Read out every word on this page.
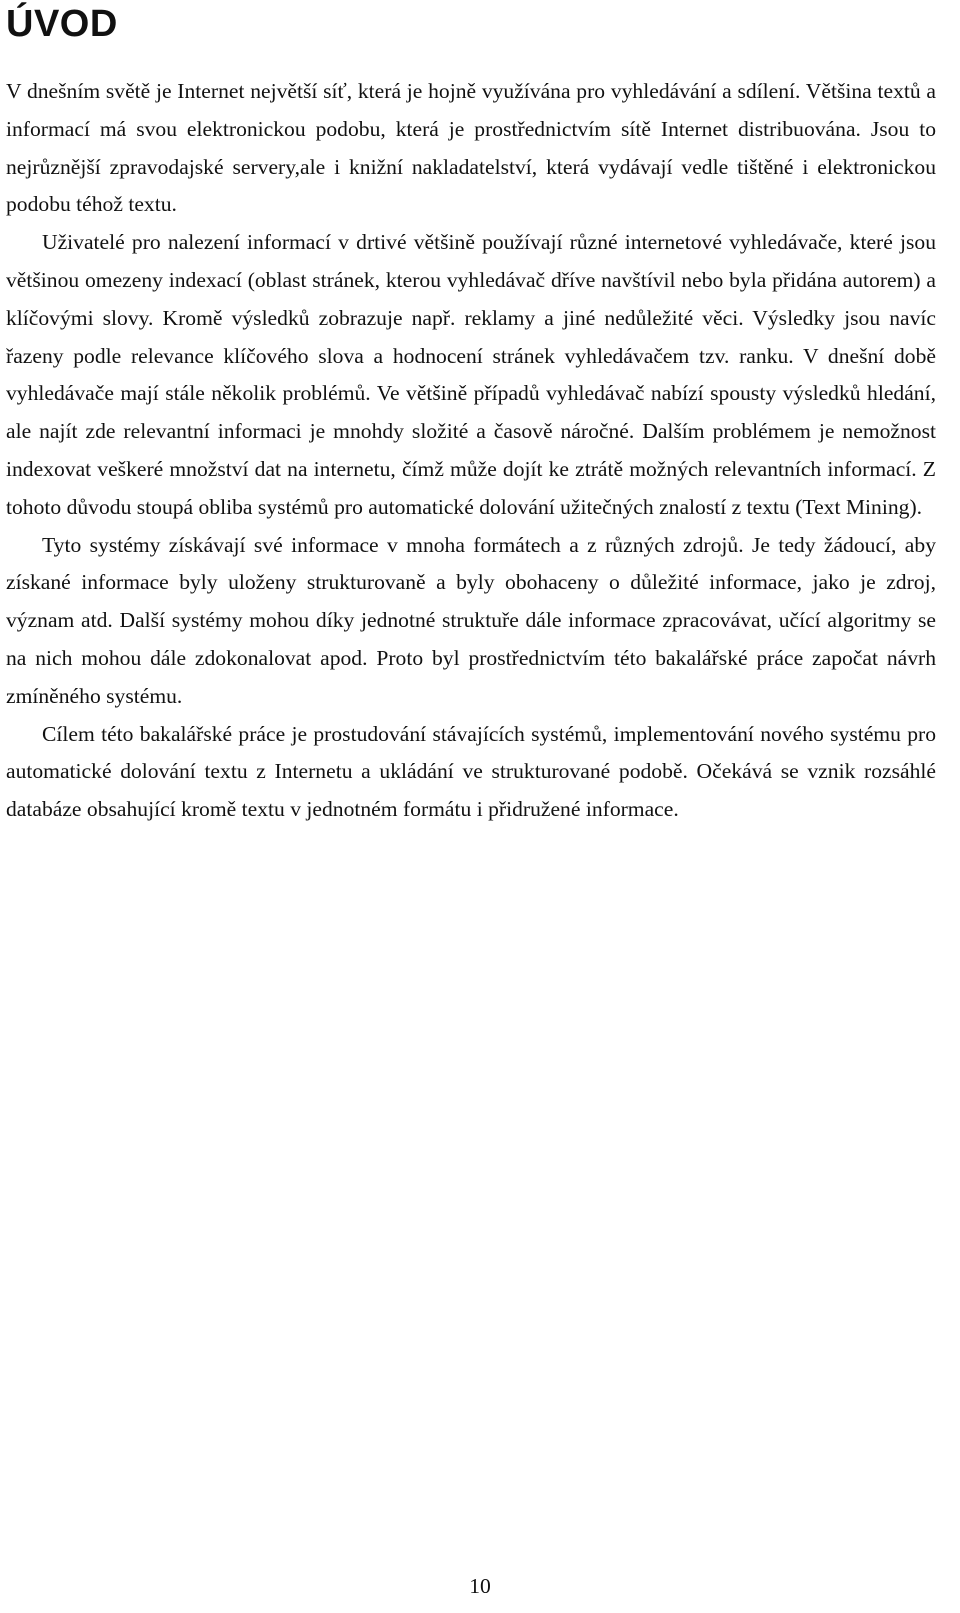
ÚVOD

V dnešním světě je Internet největší síť, která je hojně využívána pro vyhledávání a sdílení. Většina textů a informací má svou elektronickou podobu, která je prostřednictvím sítě Internet distribuována. Jsou to nejrůznější zpravodajské servery,ale i knižní nakladatelství, která vydávají vedle tištěné i elektronickou podobu téhož textu.

Uživatelé pro nalezení informací v drtivé většině používají různé internetové vyhledávače, které jsou většinou omezeny indexací (oblast stránek, kterou vyhledávač dříve navštívil nebo byla přidána autorem) a klíčovými slovy. Kromě výsledků zobrazuje např. reklamy a jiné nedůležité věci. Výsledky jsou navíc řazeny podle relevance klíčového slova a hodnocení stránek vyhledávačem tzv. ranku. V dnešní době vyhledávače mají stále několik problémů. Ve většině případů vyhledávač nabízí spousty výsledků hledání, ale najít zde relevantní informaci je mnohdy složité a časově náročné. Dalším problémem je nemožnost indexovat veškeré množství dat na internetu, čímž může dojít ke ztrátě možných relevantních informací. Z tohoto důvodu stoupá obliba systémů pro automatické dolování užitečných znalostí z textu (Text Mining).

Tyto systémy získávají své informace v mnoha formátech a z různých zdrojů. Je tedy žádoucí, aby získané informace byly uloženy strukturovaně a byly obohaceny o důležité informace, jako je zdroj, význam atd. Další systémy mohou díky jednotné struktuře dále informace zpracovávat, učící algoritmy se na nich mohou dále zdokonalovat apod. Proto byl prostřednictvím této bakalářské práce započat návrh zmíněného systému.

Cílem této bakalářské práce je prostudování stávajících systémů, implementování nového systému pro automatické dolování textu z Internetu a ukládání ve strukturované podobě. Očekává se vznik rozsáhlé databáze obsahující kromě textu v jednotném formátu i přidružené informace.

10
